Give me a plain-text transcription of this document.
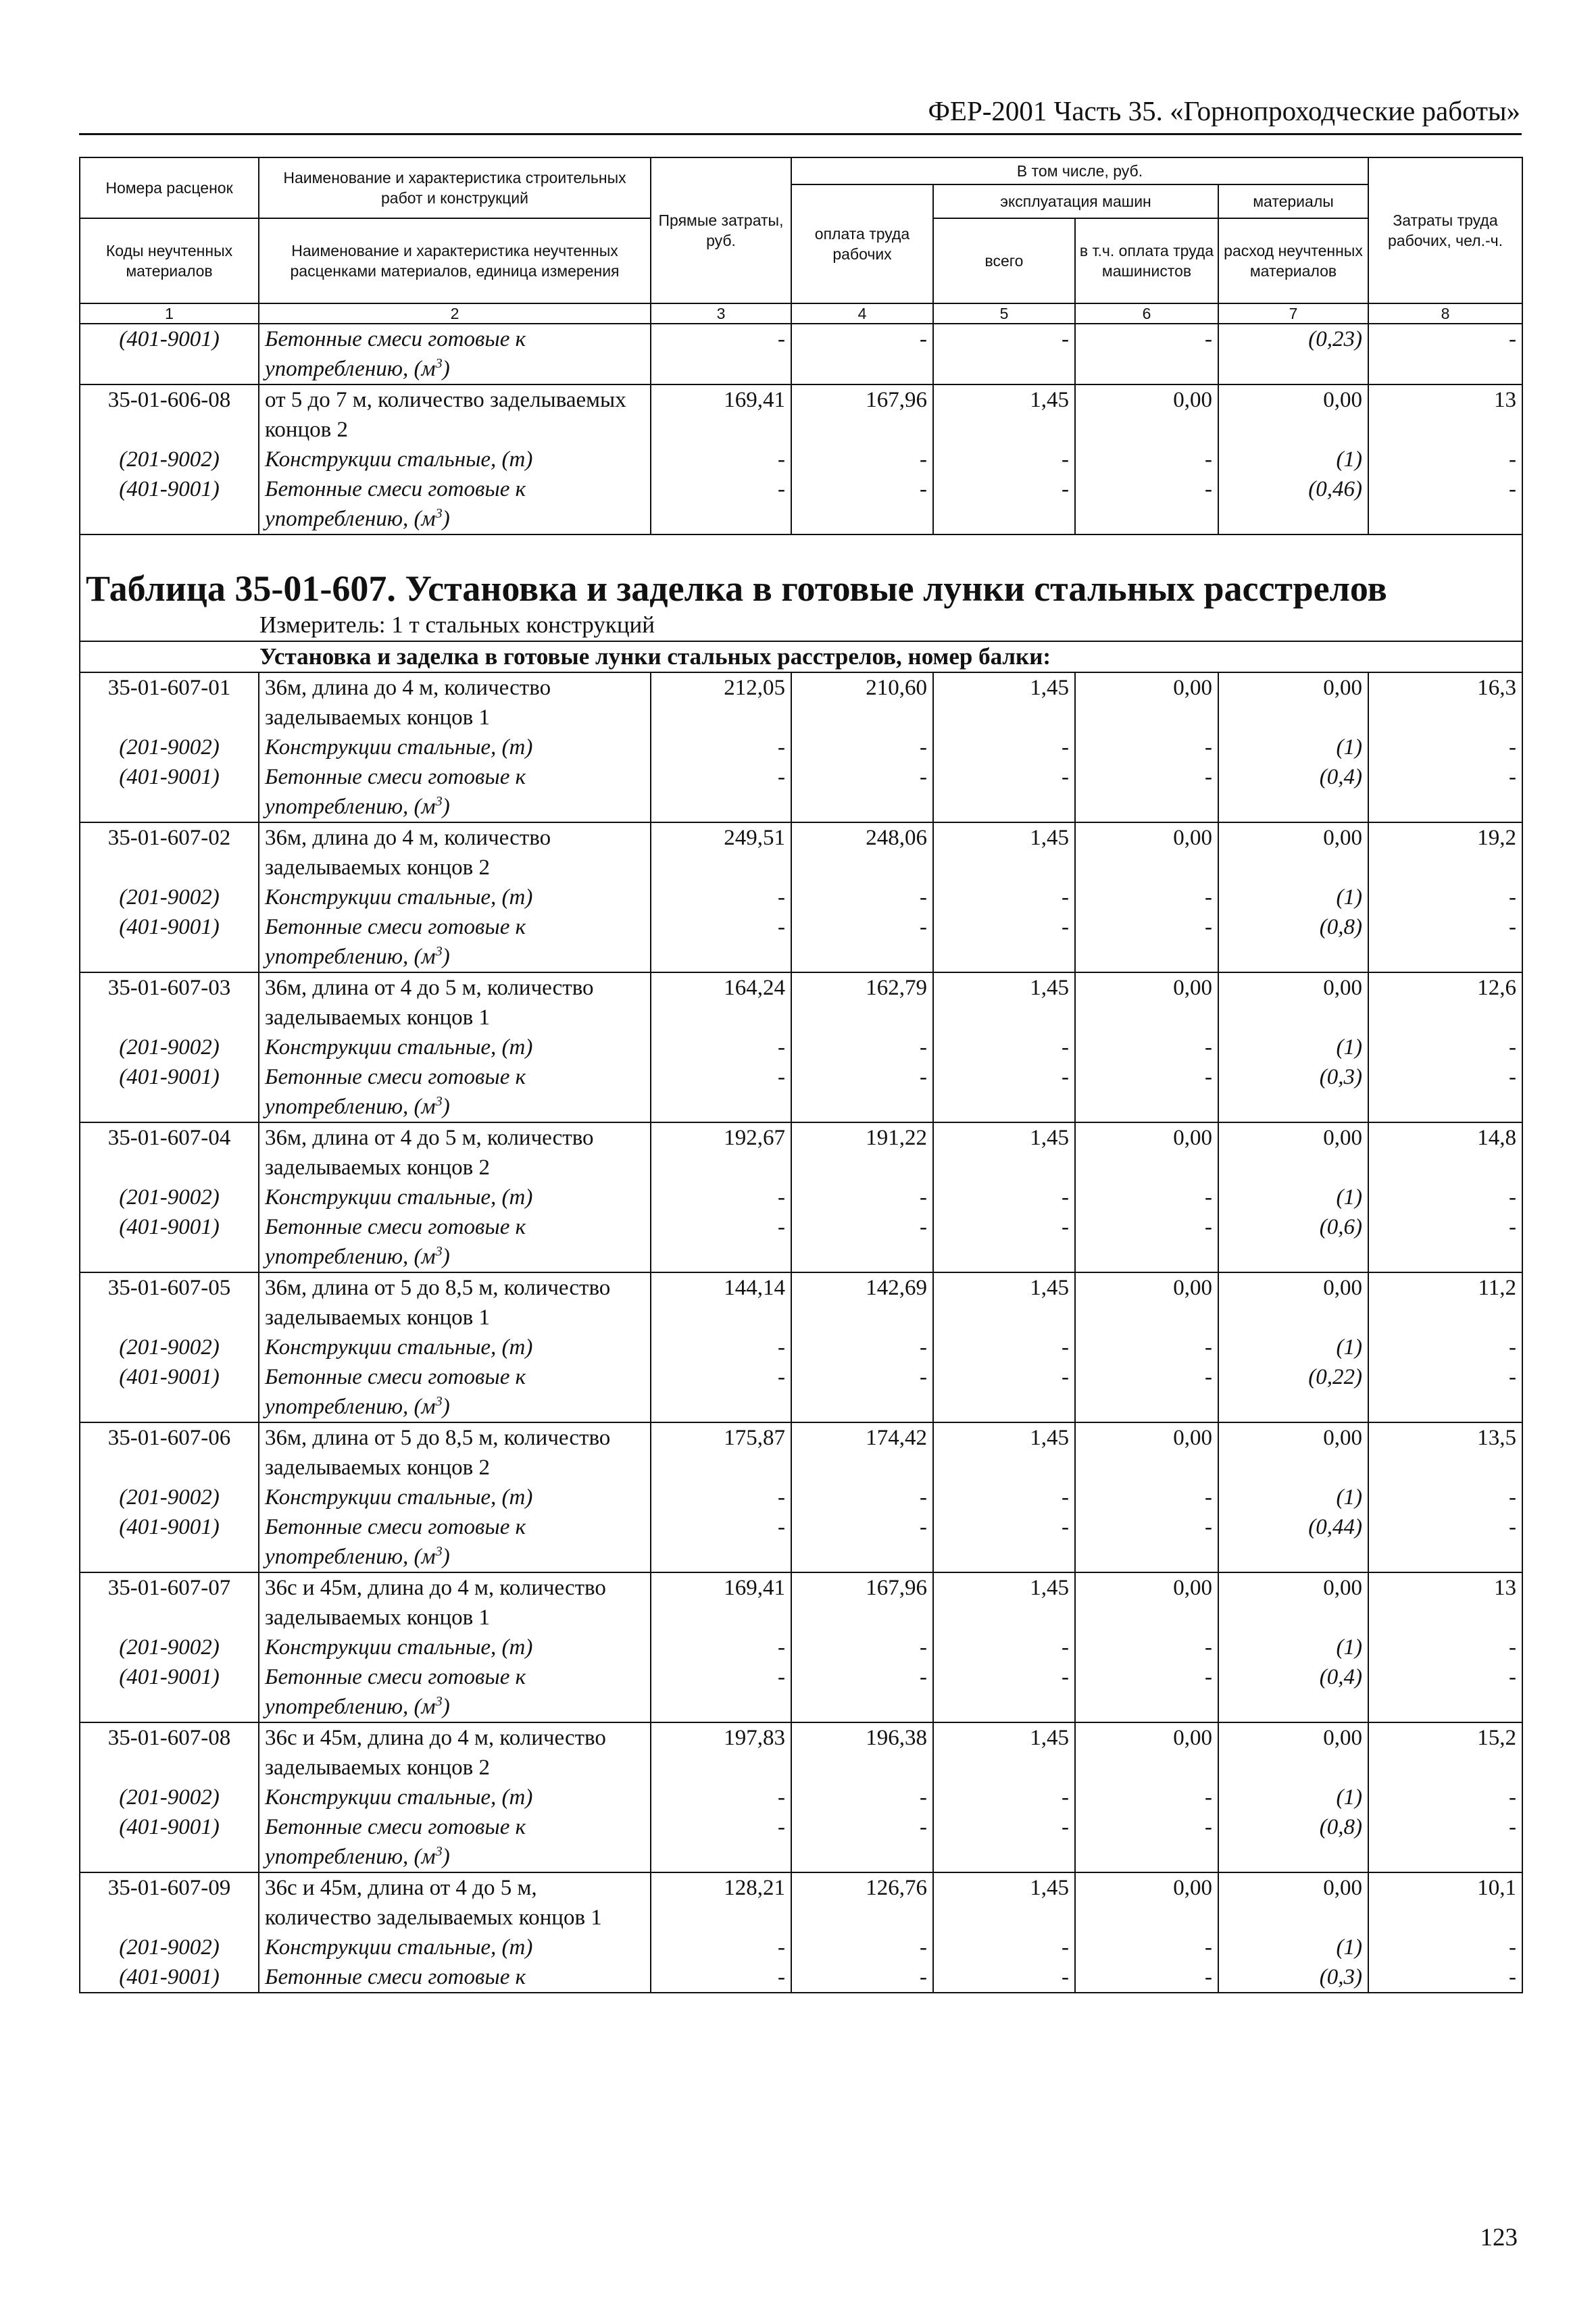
ФЕР-2001 Часть 35. «Горнопроходческие работы»
Номера расценок	Наименование и характеристика строительных работ и конструкций	Прямые затраты, руб.	В том числе, руб.				Затраты труда рабочих, чел.-ч.
			оплата труда рабочих	эксплуатация машин		материалы	
Коды неучтенных материалов	Наименование и характеристика неучтенных расценками материалов, единица измерения			всего	в т.ч. оплата труда машинистов	расход неучтенных материалов	

1	2	3	4	5	6	7	8
(401-9001)	Бетонные смеси готовые к употреблению, $(м^3)$	-	-	-	-	(0,23)	-
35-01-606-08	от 5 до 7 м, количество заделываемых концов 2	169,41	167,96	1,45	0,00	0,00	13
(201-9002)	Конструкции стальные, (т)	-	-	-	-	(1)	-
(401-9001)	Бетонные смеси готовые к употреблению, $(м^3)$	-	-	-	-	(0,46)	-

Таблица 35-01-607. Установка и заделка в готовые лунки стальных расстрелов							

Измеритель: 1 т стальных конструкций							
Установка и заделка в готовые лунки стальных расстрелов, номер балки:							
35-01-607-01	36м, длина до 4 м, количество заделываемых концов 1	212,05	210,60	1,45	0,00	0,00	16,3
(201-9002)	Конструкции стальные, (т)	-	-	-	-	(1)	-
(401-9001)	Бетонные смеси готовые к употреблению, $(м^3)$	-	-	-	-	(0,4)	-
35-01-607-02	36м, длина до 4 м, количество заделываемых концов 2	249,51	248,06	1,45	0,00	0,00	19,2
(201-9002)	Конструкции стальные, (т)	-	-	-	-	(1)	-
(401-9001)	Бетонные смеси готовые к употреблению, $(м^3)$	-	-	-	-	(0,8)	-
35-01-607-03	36м, длина от 4 до 5 м, количество заделываемых концов 1	164,24	162,79	1,45	0,00	0,00	12,6
(201-9002)	Конструкции стальные, (т)	-	-	-	-	(1)	-
(401-9001)	Бетонные смеси готовые к употреблению, $(м^3)$	-	-	-	-	(0,3)	-
35-01-607-04	36м, длина от 4 до 5 м, количество заделываемых концов 2	192,67	191,22	1,45	0,00	0,00	14,8
(201-9002)	Конструкции стальные, (т)	-	-	-	-	(1)	-
(401-9001)	Бетонные смеси готовые к употреблению, $(м^3)$	-	-	-	-	(0,6)	-
35-01-607-05	36м, длина от 5 до 8,5 м, количество заделываемых концов 1	144,14	142,69	1,45	0,00	0,00	11,2
(201-9002)	Конструкции стальные, (т)	-	-	-	-	(1)	-
(401-9001)	Бетонные смеси готовые к употреблению, $(м^3)$	-	-	-	-	(0,22)	-
35-01-607-06	36м, длина от 5 до 8,5 м, количество заделываемых концов 2	175,87	174,42	1,45	0,00	0,00	13,5
(201-9002)	Конструкции стальные, (т)	-	-	-	-	(1)	-
(401-9001)	Бетонные смеси готовые к употреблению, $(м^3)$	-	-	-	-	(0,44)	-
35-01-607-07	36с и 45м, длина до 4 м, количество заделываемых концов 1	169,41	167,96	1,45	0,00	0,00	13
(201-9002)	Конструкции стальные, (т)	-	-	-	-	(1)	-
(401-9001)	Бетонные смеси готовые к употреблению, $(м^3)$	-	-	-	-	(0,4)	-
35-01-607-08	36с и 45м, длина до 4 м, количество заделываемых концов 2	197,83	196,38	1,45	0,00	0,00	15,2
(201-9002)	Конструкции стальные, (т)	-	-	-	-	(1)	-
(401-9001)	Бетонные смеси готовые к употреблению, $(м^3)$	-	-	-	-	(0,8)	-
35-01-607-09	36с и 45м, длина от 4 до 5 м, количество заделываемых концов 1	128,21	126,76	1,45	0,00	0,00	10,1
(201-9002)	Конструкции стальные, (т)	-	-	-	-	(1)	-
(401-9001)	Бетонные смеси готовые к	-	-	-	-	(0,3)	-
123
